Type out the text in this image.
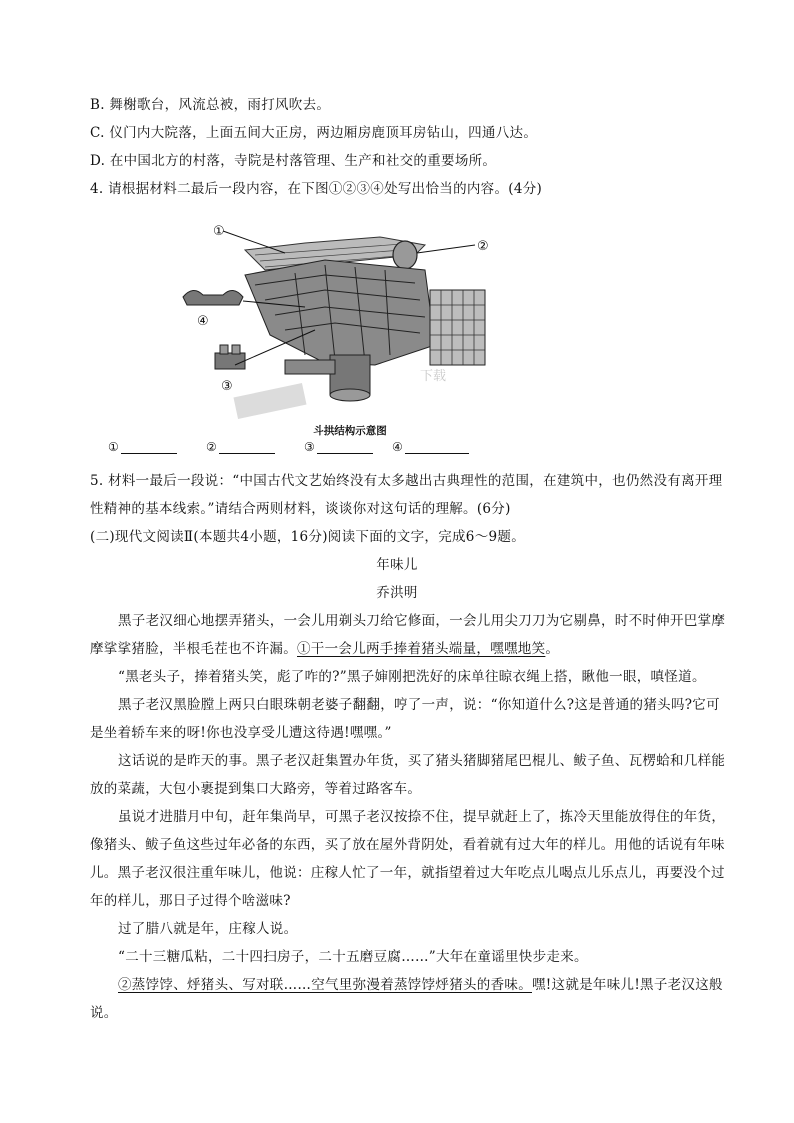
B. 舞榭歌台，风流总被，雨打风吹去。
C. 仪门内大院落，上面五间大正房，两边厢房鹿顶耳房钻山，四通八达。
D. 在中国北方的村落，寺院是村落管理、生产和社交的重要场所。
4. 请根据材料二最后一段内容，在下图①②③④处写出恰当的内容。(4分)
下载
①
②
③
④
斗拱结构示意图
①	②	③	④
5. 材料一最后一段说：“中国古代文艺始终没有太多越出古典理性的范围，在建筑中，也仍然没有离开理
性精神的基本线索。”请结合两则材料，谈谈你对这句话的理解。(6分)
(二)现代文阅读Ⅱ(本题共4小题，16分)阅读下面的文字，完成6～9题。
年味儿
乔洪明
黑子老汉细心地摆弄猪头，一会儿用剃头刀给它修面，一会儿用尖刀刀为它剔鼻，时不时伸开巴掌摩
摩挲挲猪脸，半根毛茬也不许漏。①干一会儿两手捧着猪头端量，嘿嘿地笑。
“黑老头子，捧着猪头笑，彪了咋的?”黑子婶刚把洗好的床单往晾衣绳上搭，瞅他一眼，嗔怪道。
黑子老汉黑脸膛上两只白眼珠朝老婆子翻翻，哼了一声，说：“你知道什么?这是普通的猪头吗?它可
是坐着轿车来的呀!你也没享受儿遭这待遇!嘿嘿。”
这话说的是昨天的事。黑子老汉赶集置办年货，买了猪头猪脚猪尾巴棍儿、鲅子鱼、瓦楞蛤和几样能
放的菜蔬，大包小裹提到集口大路旁，等着过路客车。
虽说才进腊月中旬，赶年集尚早，可黑子老汉按捺不住，提早就赶上了，拣冷天里能放得住的年货，
像猪头、鲅子鱼这些过年必备的东西，买了放在屋外背阴处，看着就有过大年的样儿。用他的话说有年味
儿。黑子老汉很注重年味儿，他说：庄稼人忙了一年，就指望着过大年吃点儿喝点儿乐点儿，再要没个过
年的样儿，那日子过得个啥滋味?
过了腊八就是年，庄稼人说。
“二十三糖瓜粘，二十四扫房子，二十五磨豆腐……”大年在童谣里快步走来。
②蒸饽饽、烀猪头、写对联……空气里弥漫着蒸饽饽烀猪头的香味。嘿!这就是年味儿!黑子老汉这般
说。
